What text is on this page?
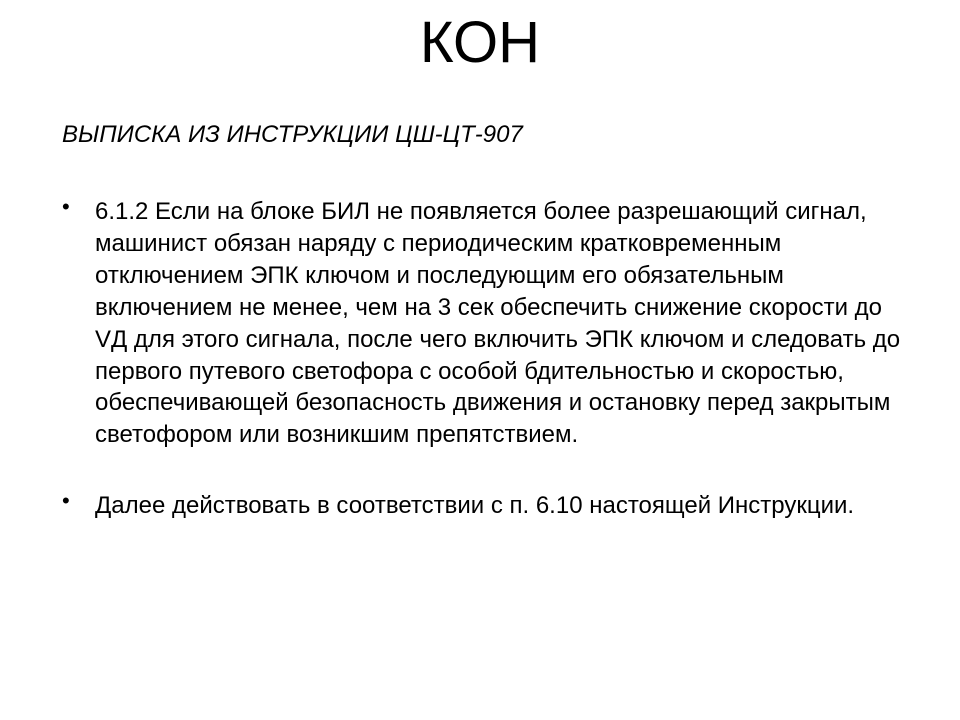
КОН

ВЫПИСКА ИЗ ИНСТРУКЦИИ ЦШ-ЦТ-907

• 6.1.2 Если на блоке БИЛ не появляется более разрешающий сигнал, машинист обязан наряду с периодическим кратковременным отключением ЭПК ключом и последующим его обязательным включением не менее, чем на 3 сек обеспечить снижение скорости до VД для этого сигнала, после чего включить ЭПК ключом и следовать до первого путевого светофора с особой бдительностью и скоростью, обеспечивающей безопасность движения и остановку перед закрытым светофором или возникшим препятствием.
• Далее действовать в соответствии с п. 6.10 настоящей Инструкции.
